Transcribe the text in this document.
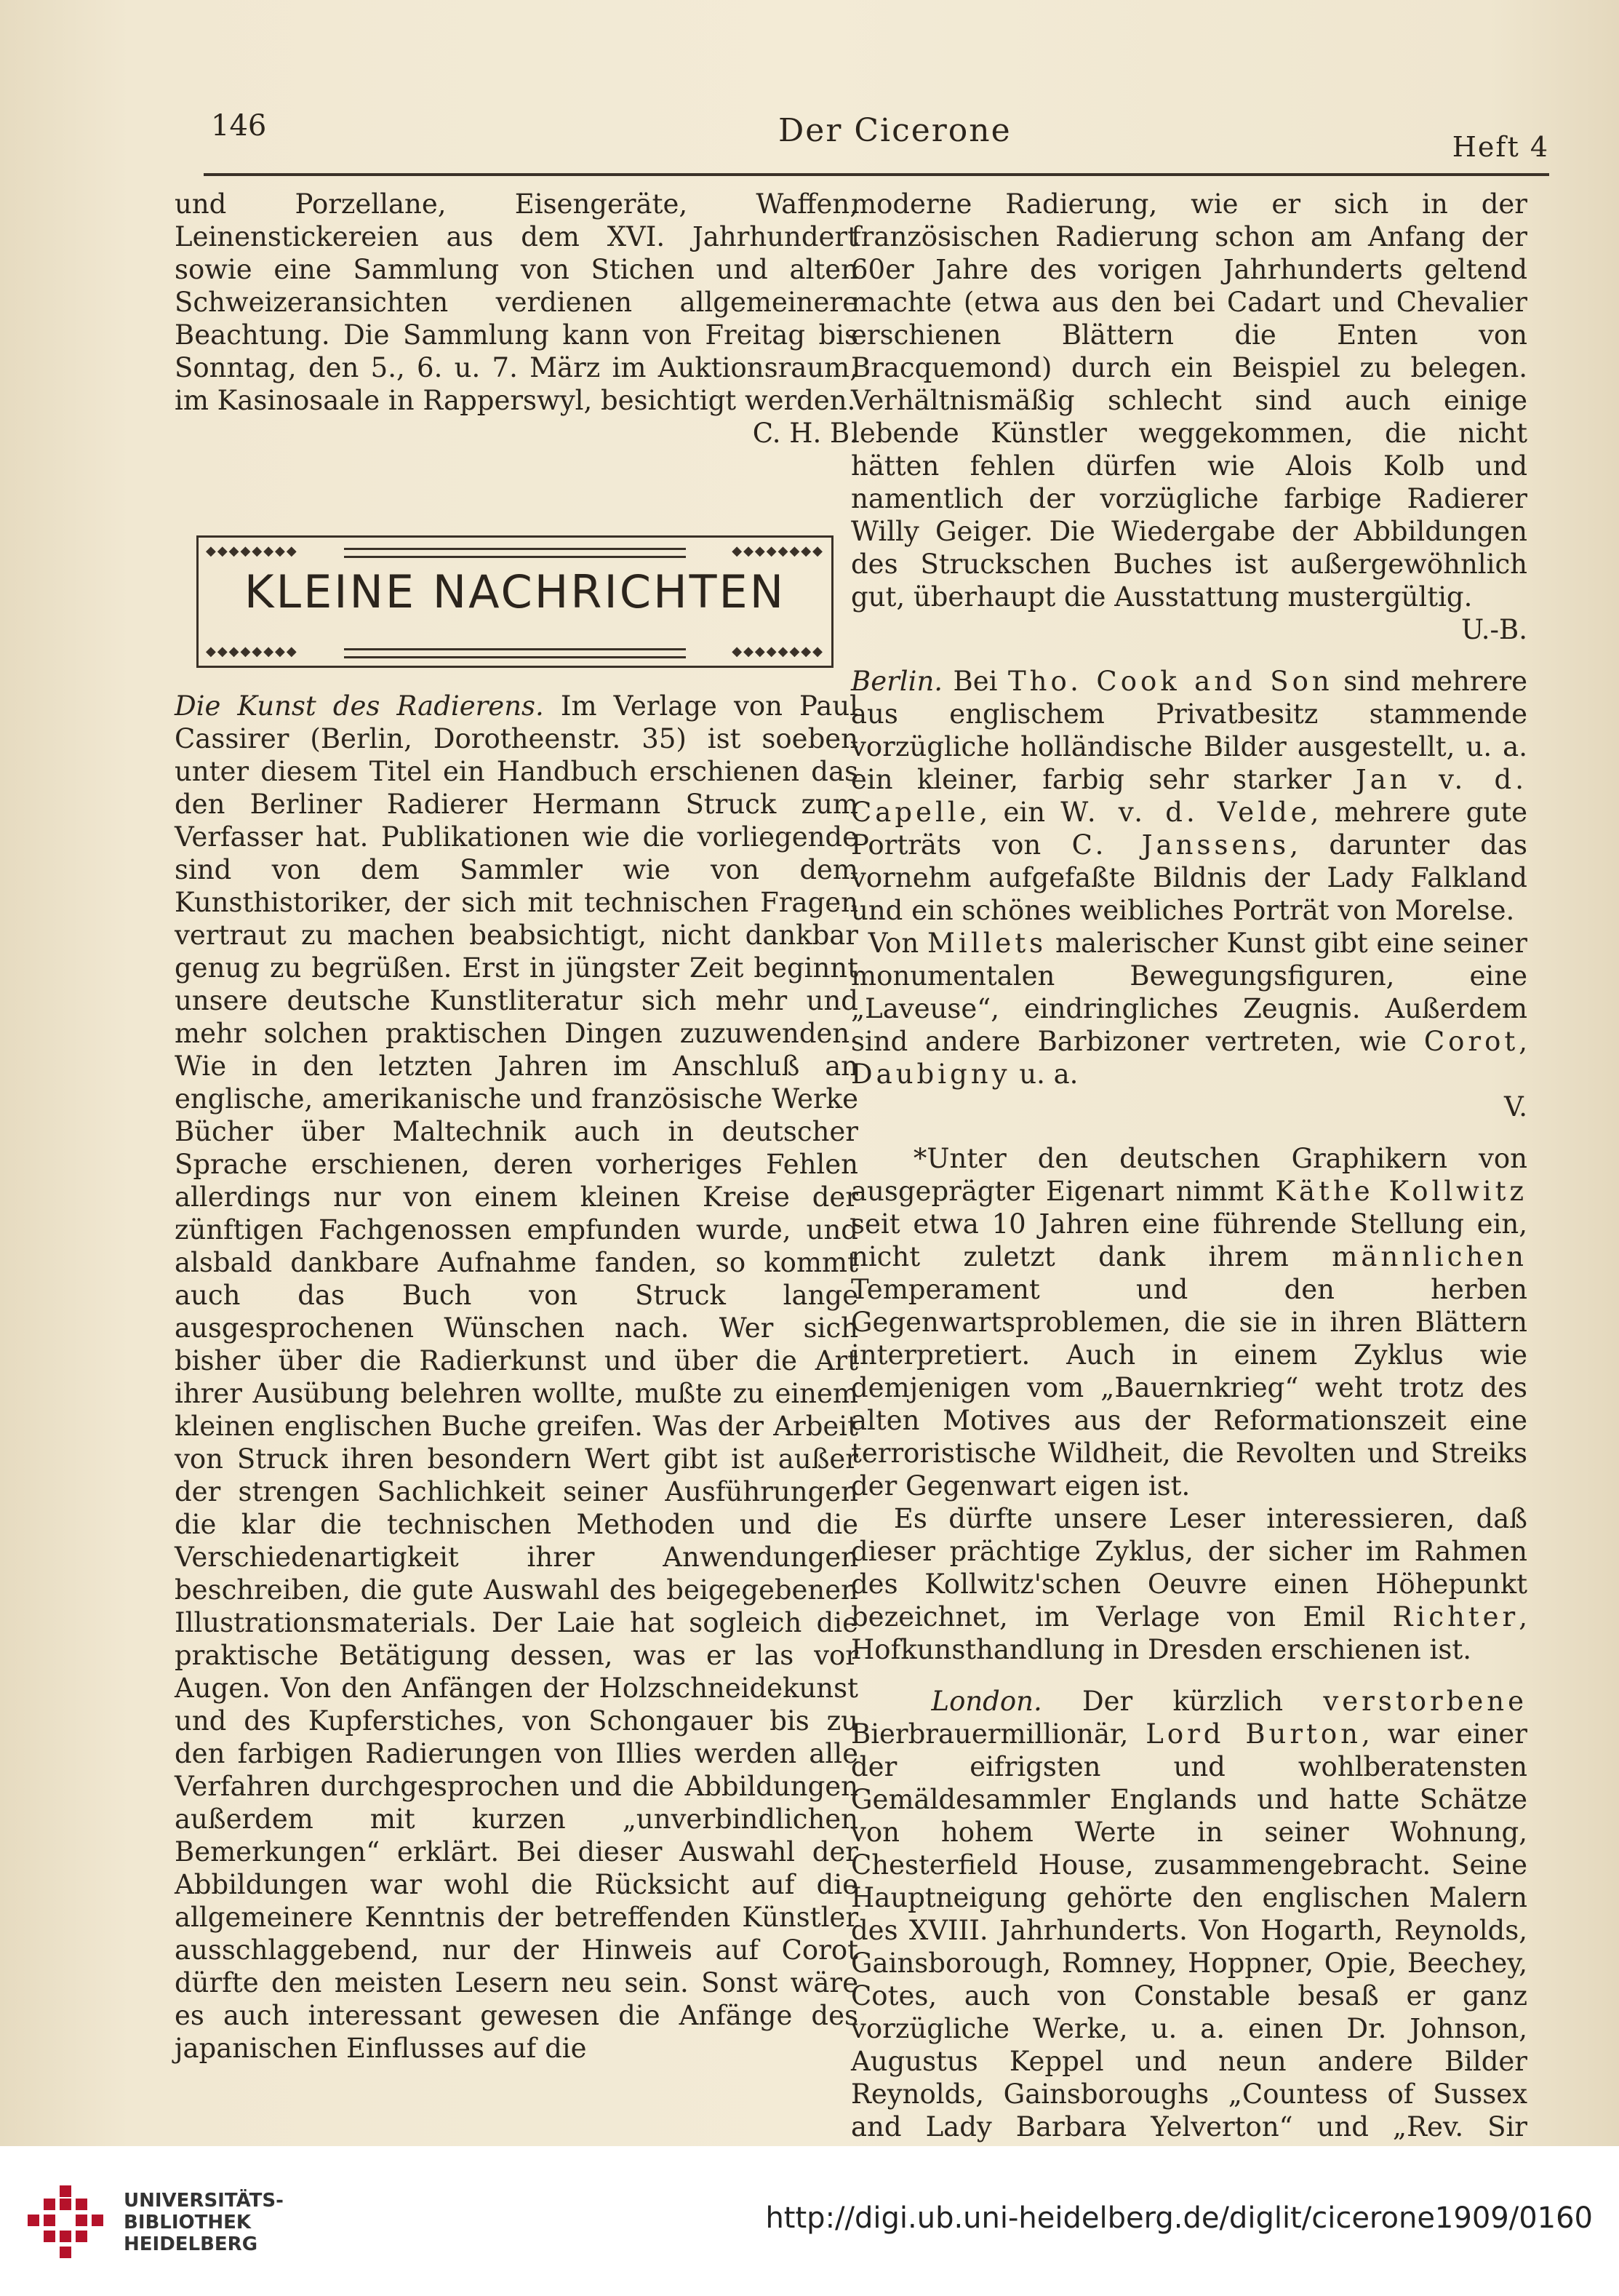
146	Der Cicerone	Heft 4

und Porzellane, Eisengeräte, Waffen, Leinenstickereien aus dem XVI. Jahrhundert sowie eine Sammlung von Stichen und alten Schweizeransichten verdienen allgemeinere Beachtung. Die Sammlung kann von Freitag bis Sonntag, den 5., 6. u. 7. März im Auktionsraum, im Kasinosaale in Rapperswyl, besichtigt werden.
C. H. B.

◆◆◆◆◆◆◆◆	◆◆◆◆◆◆◆◆
KLEINE NACHRICHTEN
◆◆◆◆◆◆◆◆	◆◆◆◆◆◆◆◆

Die Kunst des Radierens. Im Verlage von Paul Cassirer (Berlin, Dorotheenstr. 35) ist soeben unter diesem Titel ein Handbuch erschienen das den Berliner Radierer Hermann Struck zum Verfasser hat. Publikationen wie die vorliegende sind von dem Sammler wie von dem Kunsthistoriker, der sich mit technischen Fragen vertraut zu machen beabsichtigt, nicht dankbar genug zu begrüßen. Erst in jüngster Zeit beginnt unsere deutsche Kunstliteratur sich mehr und mehr solchen praktischen Dingen zuzuwenden. Wie in den letzten Jahren im Anschluß an englische, amerikanische und französische Werke Bücher über Maltechnik auch in deutscher Sprache erschienen, deren vorheriges Fehlen allerdings nur von einem kleinen Kreise der zünftigen Fachgenossen empfunden wurde, und alsbald dankbare Aufnahme fanden, so kommt auch das Buch von Struck lange ausgesprochenen Wünschen nach. Wer sich bisher über die Radierkunst und über die Art ihrer Ausübung belehren wollte, mußte zu einem kleinen englischen Buche greifen. Was der Arbeit von Struck ihren besondern Wert gibt ist außer der strengen Sachlichkeit seiner Ausführungen die klar die technischen Methoden und die Verschiedenartigkeit ihrer Anwendungen beschreiben, die gute Auswahl des beigegebenen Illustrationsmaterials. Der Laie hat sogleich die praktische Betätigung dessen, was er las vor Augen. Von den Anfängen der Holzschneidekunst und des Kupferstiches, von Schongauer bis zu den farbigen Radierungen von Illies werden alle Verfahren durchgesprochen und die Abbildungen außerdem mit kurzen „unverbindlichen Bemerkungen“ erklärt. Bei dieser Auswahl der Abbildungen war wohl die Rücksicht auf die allgemeinere Kenntnis der betreffenden Künstler ausschlaggebend, nur der Hinweis auf Corot dürfte den meisten Lesern neu sein. Sonst wäre es auch interessant gewesen die Anfänge des japanischen Einflusses auf die

moderne Radierung, wie er sich in der französischen Radierung schon am Anfang der 60er Jahre des vorigen Jahrhunderts geltend machte (etwa aus den bei Cadart und Chevalier erschienen Blättern die Enten von Bracquemond) durch ein Beispiel zu belegen. Verhältnismäßig schlecht sind auch einige lebende Künstler weggekommen, die nicht hätten fehlen dürfen wie Alois Kolb und namentlich der vorzügliche farbige Radierer Willy Geiger. Die Wiedergabe der Abbildungen des Struckschen Buches ist außergewöhnlich gut, überhaupt die Ausstattung mustergültig.
U.-B.

Berlin. Bei Tho. Cook and Son sind mehrere aus englischem Privatbesitz stammende vorzügliche holländische Bilder ausgestellt, u. a. ein kleiner, farbig sehr starker Jan v. d. Capelle, ein W. v. d. Velde, mehrere gute Porträts von C. Janssens, darunter das vornehm aufgefaßte Bildnis der Lady Falkland und ein schönes weibliches Porträt von Morelse.

Von Millets malerischer Kunst gibt eine seiner monumentalen Bewegungsfiguren, eine „Laveuse“, eindringliches Zeugnis. Außerdem sind andere Barbizoner vertreten, wie Corot, Daubigny u. a.
V.

*Unter den deutschen Graphikern von ausgeprägter Eigenart nimmt Käthe Kollwitz seit etwa 10 Jahren eine führende Stellung ein, nicht zuletzt dank ihrem männlichen Temperament und den herben Gegenwartsproblemen, die sie in ihren Blättern interpretiert. Auch in einem Zyklus wie demjenigen vom „Bauernkrieg“ weht trotz des alten Motives aus der Reformationszeit eine terroristische Wildheit, die Revolten und Streiks der Gegenwart eigen ist.

Es dürfte unsere Leser interessieren, daß dieser prächtige Zyklus, der sicher im Rahmen des Kollwitz'schen Oeuvre einen Höhepunkt bezeichnet, im Verlage von Emil Richter, Hofkunsthandlung in Dresden erschienen ist.

London. Der kürzlich verstorbene Bierbrauermillionär, Lord Burton, war einer der eifrigsten und wohlberatensten Gemäldesammler Englands und hatte Schätze von hohem Werte in seiner Wohnung, Chesterfield House, zusammengebracht. Seine Hauptneigung gehörte den englischen Malern des XVIII. Jahrhunderts. Von Hogarth, Reynolds, Gainsborough, Romney, Hoppner, Opie, Beechey, Cotes, auch von Constable besaß er ganz vorzügliche Werke, u. a. einen Dr. Johnson, Augustus Keppel und neun andere Bilder Reynolds, Gainsboroughs „Countess of Sussex and Lady Barbara Yelverton“ und „Rev. Sir

UNIVERSITÄTS-
BIBLIOTHEK
HEIDELBERG
http://digi.ub.uni-heidelberg.de/diglit/cicerone1909/0160
